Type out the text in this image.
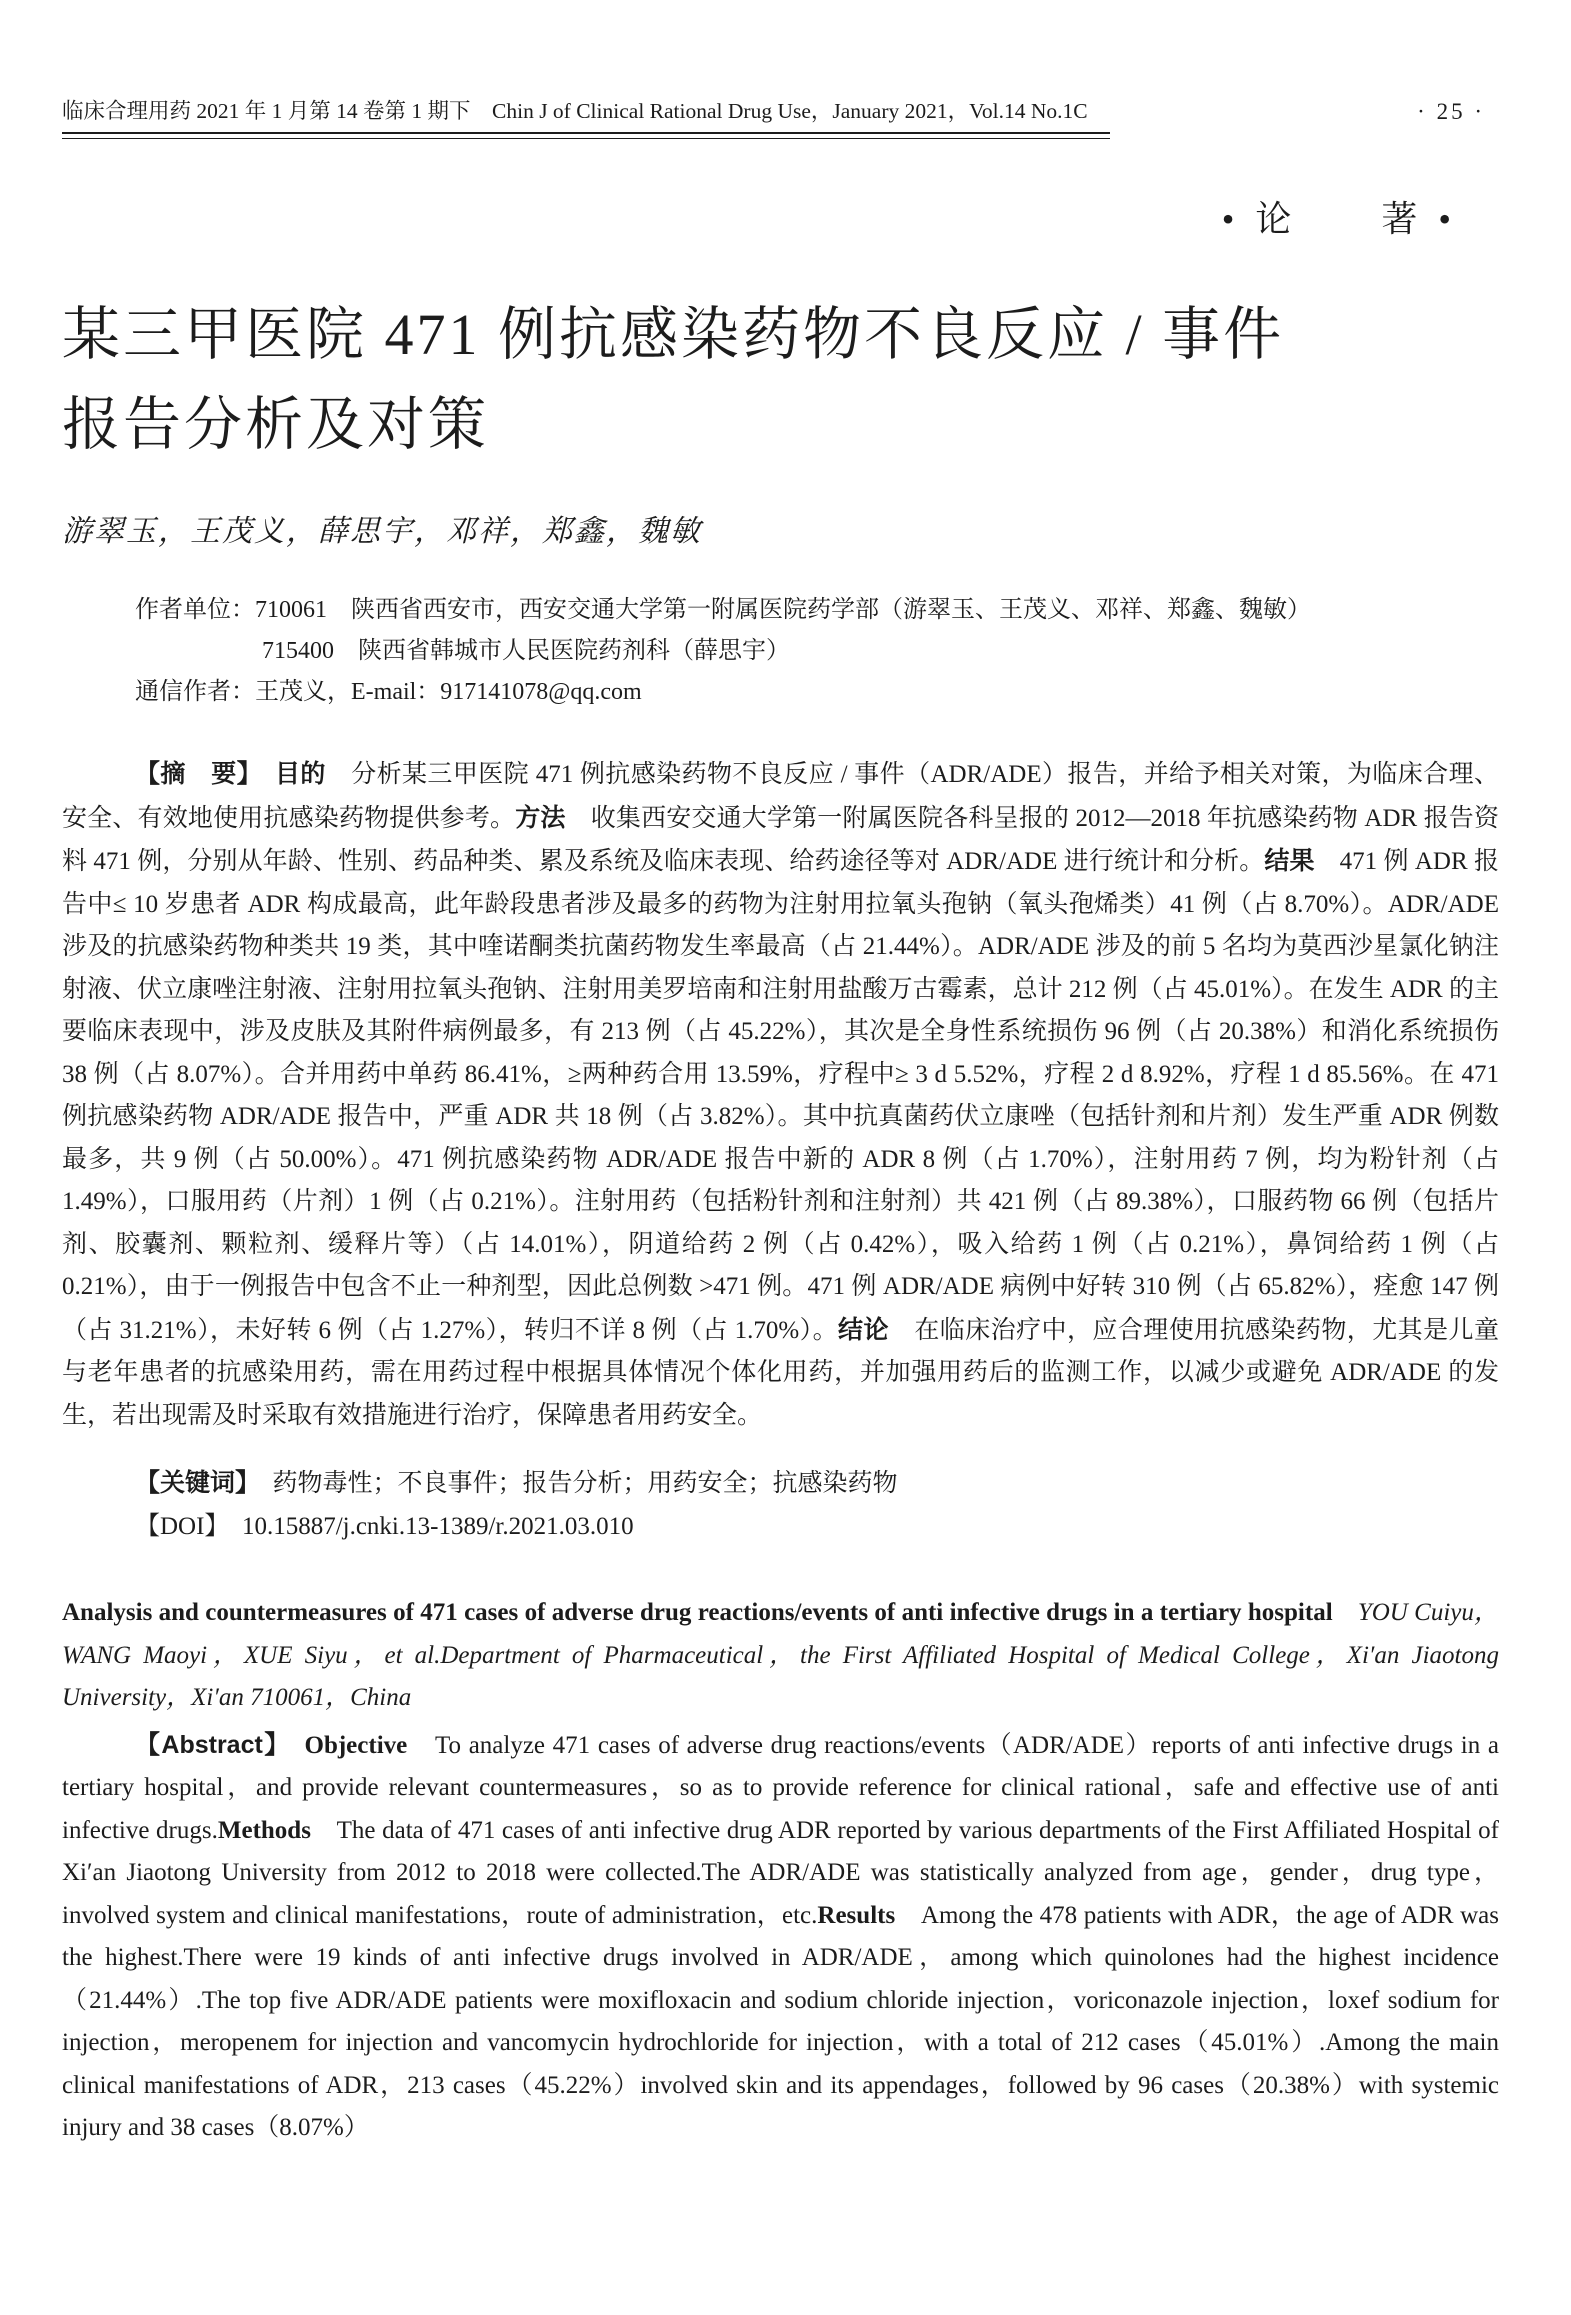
临床合理用药 2021 年 1 月第 14 卷第 1 期下　Chin J of Clinical Rational Drug Use，January 2021，Vol.14 No.1C	· 25 ·
• 论　　著 •
某三甲医院 471 例抗感染药物不良反应 / 事件
报告分析及对策
游翠玉，王茂义，薛思宇，邓祥，郑鑫，魏敏
作者单位：710061　陕西省西安市，西安交通大学第一附属医院药学部（游翠玉、王茂义、邓祥、郑鑫、魏敏）
715400　陕西省韩城市人民医院药剂科（薛思宇）
通信作者：王茂义，E-mail：917141078@qq.com

【摘　要】　目的　分析某三甲医院 471 例抗感染药物不良反应 / 事件（ADR/ADE）报告，并给予相关对策，为临床合理、安全、有效地使用抗感染药物提供参考。方法　收集西安交通大学第一附属医院各科呈报的 2012—2018 年抗感染药物 ADR 报告资料 471 例，分别从年龄、性别、药品种类、累及系统及临床表现、给药途径等对 ADR/ADE 进行统计和分析。结果　471 例 ADR 报告中≤ 10 岁患者 ADR 构成最高，此年龄段患者涉及最多的药物为注射用拉氧头孢钠（氧头孢烯类）41 例（占 8.70%）。ADR/ADE 涉及的抗感染药物种类共 19 类，其中喹诺酮类抗菌药物发生率最高（占 21.44%）。ADR/ADE 涉及的前 5 名均为莫西沙星氯化钠注射液、伏立康唑注射液、注射用拉氧头孢钠、注射用美罗培南和注射用盐酸万古霉素，总计 212 例（占 45.01%）。在发生 ADR 的主要临床表现中，涉及皮肤及其附件病例最多，有 213 例（占 45.22%），其次是全身性系统损伤 96 例（占 20.38%）和消化系统损伤 38 例（占 8.07%）。合并用药中单药 86.41%，≥两种药合用 13.59%，疗程中≥ 3 d 5.52%，疗程 2 d 8.92%，疗程 1 d 85.56%。在 471 例抗感染药物 ADR/ADE 报告中，严重 ADR 共 18 例（占 3.82%）。其中抗真菌药伏立康唑（包括针剂和片剂）发生严重 ADR 例数最多，共 9 例（占 50.00%）。471 例抗感染药物 ADR/ADE 报告中新的 ADR 8 例（占 1.70%），注射用药 7 例，均为粉针剂（占 1.49%），口服用药（片剂）1 例（占 0.21%）。注射用药（包括粉针剂和注射剂）共 421 例（占 89.38%），口服药物 66 例（包括片剂、胶囊剂、颗粒剂、缓释片等）（占 14.01%），阴道给药 2 例（占 0.42%），吸入给药 1 例（占 0.21%），鼻饲给药 1 例（占 0.21%），由于一例报告中包含不止一种剂型，因此总例数 >471 例。471 例 ADR/ADE 病例中好转 310 例（占 65.82%），痊愈 147 例（占 31.21%），未好转 6 例（占 1.27%），转归不详 8 例（占 1.70%）。结论　在临床治疗中，应合理使用抗感染药物，尤其是儿童与老年患者的抗感染用药，需在用药过程中根据具体情况个体化用药，并加强用药后的监测工作，以减少或避免 ADR/ADE 的发生，若出现需及时采取有效措施进行治疗，保障患者用药安全。

【关键词】　药物毒性；不良事件；报告分析；用药安全；抗感染药物
【DOI】　10.15887/j.cnki.13-1389/r.2021.03.010

Analysis and countermeasures of 471 cases of adverse drug reactions/events of anti infective drugs in a tertiary hospital　 YOU Cuiyu，WANG Maoyi，XUE Siyu，et al.Department of Pharmaceutical，the First Affiliated Hospital of Medical College，Xi′an Jiaotong University，Xi′an 710061，China

【Abstract】　Objective　To analyze 471 cases of adverse drug reactions/events（ADR/ADE）reports of anti infective drugs in a tertiary hospital，and provide relevant countermeasures，so as to provide reference for clinical rational，safe and effective use of anti infective drugs.Methods　The data of 471 cases of anti infective drug ADR reported by various departments of the First Affiliated Hospital of Xi′an Jiaotong University from 2012 to 2018 were collected.The ADR/ADE was statistically analyzed from age，gender，drug type，involved system and clinical manifestations，route of administration，etc.Results　Among the 478 patients with ADR，the age of ADR was the highest.There were 19 kinds of anti infective drugs involved in ADR/ADE，among which quinolones had the highest incidence（21.44%）.The top five ADR/ADE patients were moxifloxacin and sodium chloride injection，voriconazole injection，loxef sodium for injection，meropenem for injection and vancomycin hydrochloride for injection，with a total of 212 cases（45.01%）.Among the main clinical manifestations of ADR，213 cases（45.22%）involved skin and its appendages，followed by 96 cases（20.38%）with systemic injury and 38 cases（8.07%）
